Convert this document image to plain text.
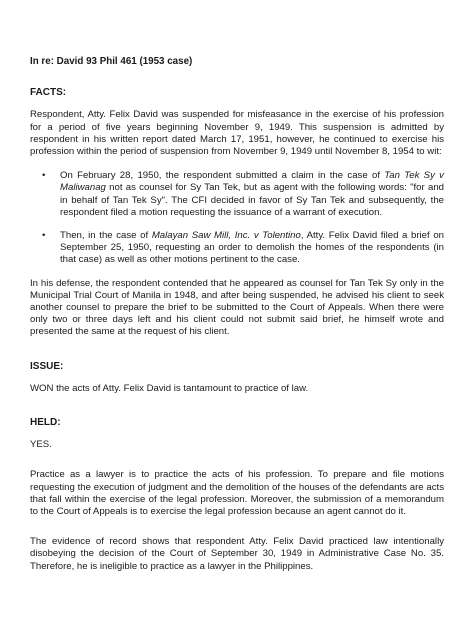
In re: David 93 Phil 461 (1953 case)
FACTS:

Respondent, Atty. Felix David was suspended for misfeasance in the exercise of his profession for a period of five years beginning November 9, 1949. This suspension is admitted by respondent in his written report dated March 17, 1951, however, he continued to exercise his profession within the period of suspension from November 9, 1949 until November 8, 1954 to wit:

• On February 28, 1950, the respondent submitted a claim in the case of Tan Tek Sy v Maliwanag not as counsel for Sy Tan Tek, but as agent with the following words: "for and in behalf of Tan Tek Sy". The CFI decided in favor of Sy Tan Tek and subsequently, the respondent filed a motion requesting the issuance of a warrant of execution.
• Then, in the case of Malayan Saw Mill, Inc. v Tolentino, Atty. Felix David filed a brief on September 25, 1950, requesting an order to demolish the homes of the respondents (in that case) as well as other motions pertinent to the case.

In his defense, the respondent contended that he appeared as counsel for Tan Tek Sy only in the Municipal Trial Court of Manila in 1948, and after being suspended, he advised his client to seek another counsel to prepare the brief to be submitted to the Court of Appeals. When there were only two or three days left and his client could not submit said brief, he himself wrote and presented the same at the request of his client.

ISSUE:

WON the acts of Atty. Felix David is tantamount to practice of law.

HELD:

YES.

Practice as a lawyer is to practice the acts of his profession. To prepare and file motions requesting the execution of judgment and the demolition of the houses of the defendants are acts that fall within the exercise of the legal profession. Moreover, the submission of a memorandum to the Court of Appeals is to exercise the legal profession because an agent cannot do it.

The evidence of record shows that respondent Atty. Felix David practiced law intentionally disobeying the decision of the Court of September 30, 1949 in Administrative Case No. 35. Therefore, he is ineligible to practice as a lawyer in the Philippines.
